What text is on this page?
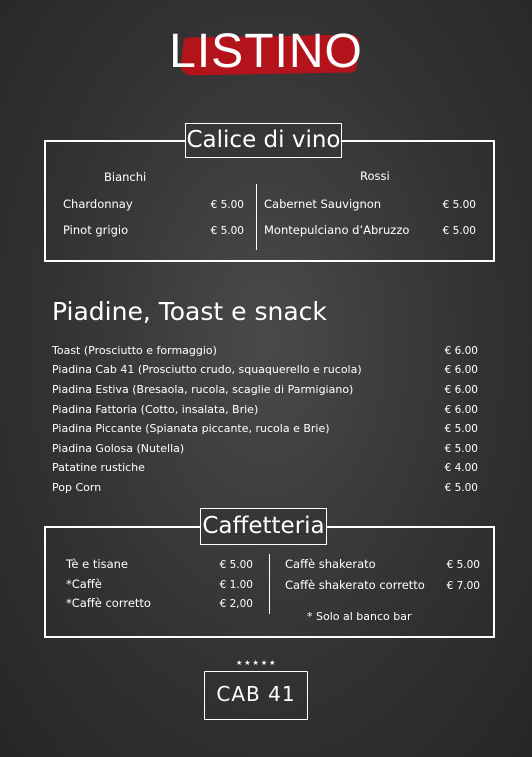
LISTINO
Calice di vino
Bianchi	Rossi
Chardonnay	€ 5.00
Pinot grigio	€ 5.00
Cabernet Sauvignon	€ 5.00
Montepulciano d’Abruzzo	€ 5.00
Piadine, Toast e snack
Toast (Prosciutto e formaggio)	€ 6.00
Piadina Cab 41 (Prosciutto crudo, squaquerello e rucola)	€ 6.00
Piadina Estiva (Bresaola, rucola, scaglie di Parmigiano)	€ 6.00
Piadina Fattoria (Cotto, insalata, Brie)	€ 6.00
Piadina Piccante (Spianata piccante, rucola e Brie)	€ 5.00
Piadina Golosa (Nutella)	€ 5.00
Patatine rustiche	€ 4.00
Pop Corn	€ 5.00
Caffetteria
Tè e tisane	€ 5.00
*Caffè	€ 1.00
*Caffè corretto	€ 2,00
Caffè shakerato	€ 5.00
Caffè shakerato corretto	€ 7.00
* Solo al banco bar
★★★★★
CAB 41
